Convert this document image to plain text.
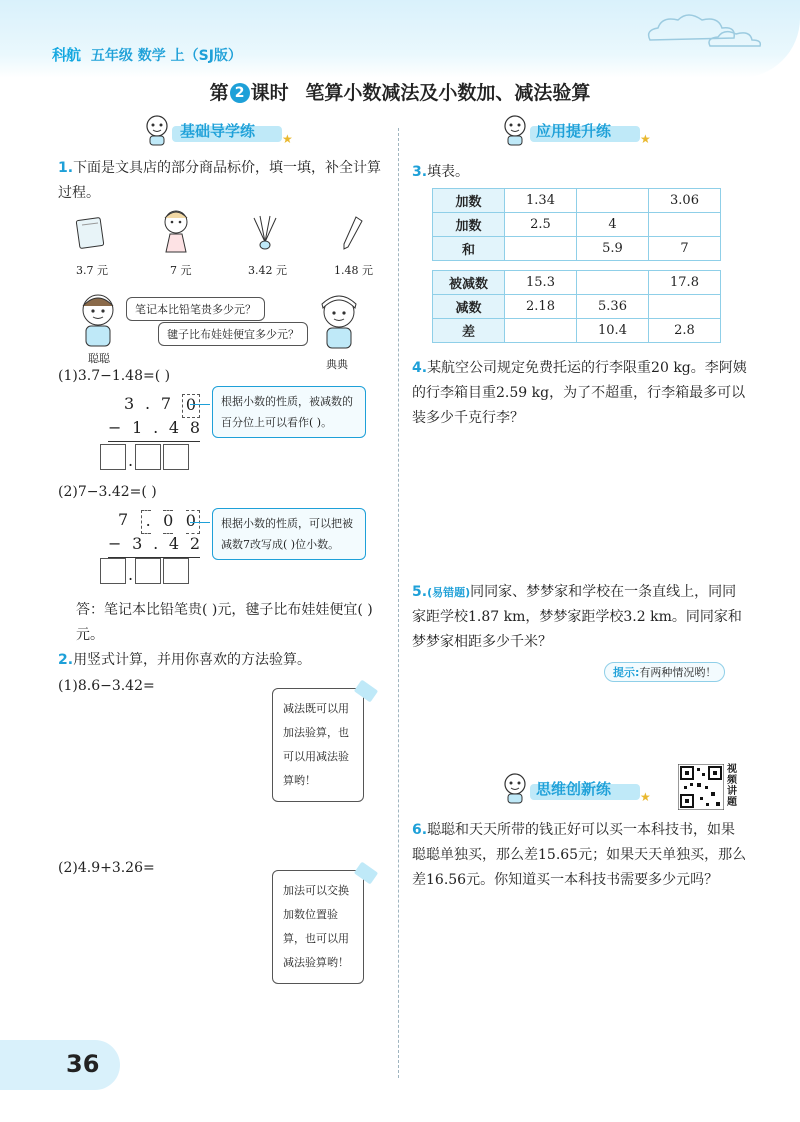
科航 五年级 数学 上（SJ版）
第 2 课时 笔算小数减法及小数加、减法验算
基础导学练 ★
1.下面是文具店的部分商品标价，填一填，补全计算过程。
3.7 元	7 元	3.42 元	1.48 元
聪聪
笔记本比铅笔贵多少元？
毽子比布娃娃便宜多少元？
典典
(1)3.7−1.48=( )
3 . 7 0
− 1 . 4 8
.
根据小数的性质，被减数的百分位上可以看作( )。
(2)7−3.42=( )
7	. 0 0
− 3 . 4 2
.
根据小数的性质，可以把被减数7改写成( )位小数。
答：笔记本比铅笔贵( )元，毽子比布娃娃便宜( )元。
2.用竖式计算，并用你喜欢的方法验算。
(1)8.6−3.42=
减法既可以用加法验算，也可以用减法验算哟！
(2)4.9+3.26=
加法可以交换加数位置验算，也可以用减法验算哟！
应用提升练 ★
3.填表。
加数	1.34		3.06
加数	2.5	4	
和		5.9	7
被减数	15.3		17.8
减数	2.18	5.36	
差		10.4	2.8
4.某航空公司规定免费托运的行李限重20 kg。李阿姨的行李箱目重2.59 kg，为了不超重，行李箱最多可以装多少千克行李？
5.(易错题)同同家、梦梦家和学校在一条直线上，同同家距学校1.87 km，梦梦家距学校3.2 km。同同家和梦梦家相距多少千米？
提示:有两种情况哟！
思维创新练 ★
视频讲题
6.聪聪和天天所带的钱正好可以买一本科技书，如果聪聪单独买，那么差15.65元；如果天天单独买，那么差16.56元。你知道买一本科技书需要多少元吗？
36
